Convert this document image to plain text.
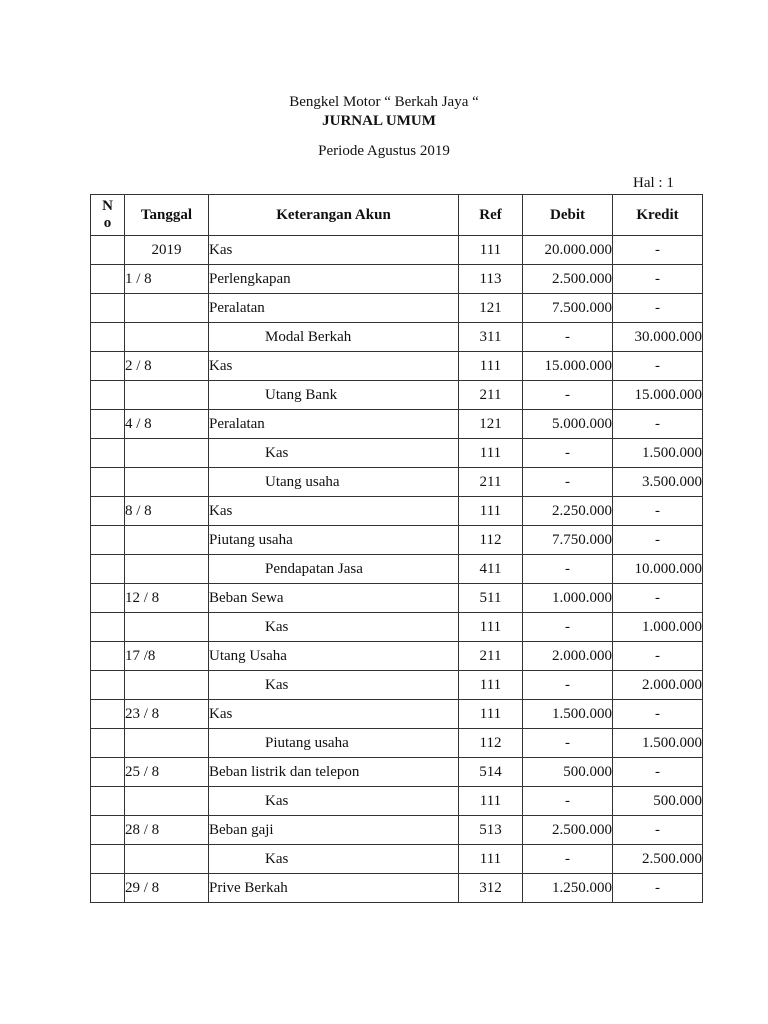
Bengkel Motor “ Berkah Jaya “
JURNAL UMUM
Periode Agustus 2019
Hal : 1
N
o	Tanggal	Keterangan Akun	Ref	Debit	Kredit
	2019	Kas	111	20.000.000	-
	1 / 8	Perlengkapan	113	2.500.000	-
		Peralatan	121	7.500.000	-
		Modal Berkah	311	-	30.000.000
	2 / 8	Kas	111	15.000.000	-
		Utang Bank	211	-	15.000.000
	4 / 8	Peralatan	121	5.000.000	-
		Kas	111	-	1.500.000
		Utang usaha	211	-	3.500.000
	8 / 8	Kas	111	2.250.000	-
		Piutang usaha	112	7.750.000	-
		Pendapatan Jasa	411	-	10.000.000
	12 / 8	Beban Sewa	511	1.000.000	-
		Kas	111	-	1.000.000
	17 /8	Utang Usaha	211	2.000.000	-
		Kas	111	-	2.000.000
	23 / 8	Kas	111	1.500.000	-
		Piutang usaha	112	-	1.500.000
	25 / 8	Beban listrik dan telepon	514	500.000	-
		Kas	111	-	500.000
	28 / 8	Beban gaji	513	2.500.000	-
		Kas	111	-	2.500.000
	29 / 8	Prive Berkah	312	1.250.000	-
